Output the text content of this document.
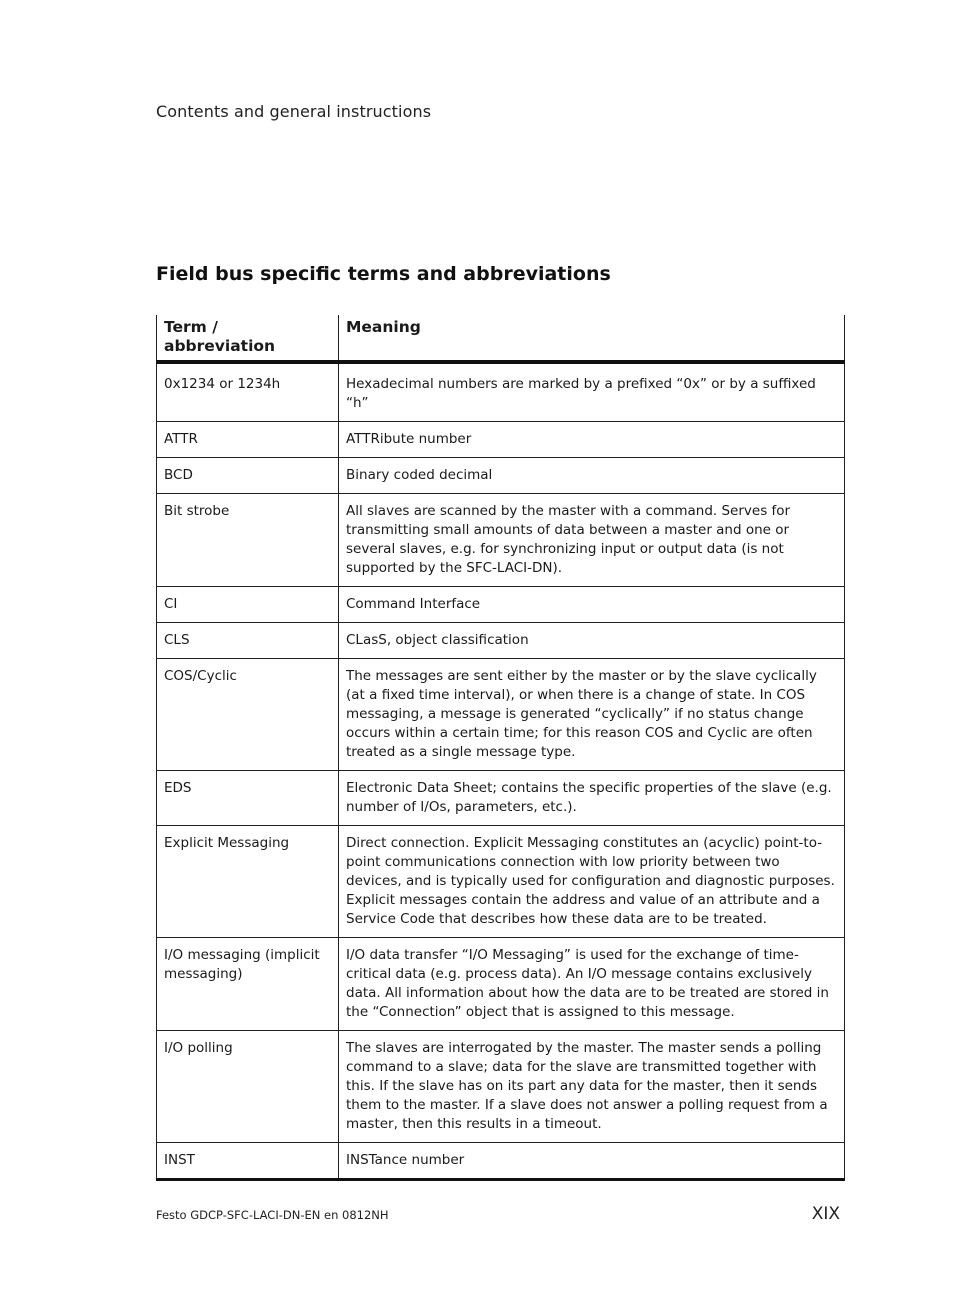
Contents and general instructions
Field bus specific terms and abbreviations
Term / abbreviation	Meaning
0x1234 or 1234h	Hexadecimal numbers are marked by a prefixed “0x” or by a suffixed “h”
ATTR	ATTRibute number
BCD	Binary coded decimal
Bit strobe	All slaves are scanned by the master with a command. Serves for transmitting small amounts of data between a master and one or several slaves, e.g. for synchronizing input or output data (is not supported by the SFC-LACI-DN).
CI	Command Interface
CLS	CLasS, object classification
COS/Cyclic	The messages are sent either by the master or by the slave cyclically (at a fixed time interval), or when there is a change of state. In COS messaging, a message is generated “cyclically” if no status change occurs within a certain time; for this reason COS and Cyclic are often treated as a single message type.
EDS	Electronic Data Sheet; contains the specific properties of the slave (e.g. number of I/Os, parameters, etc.).
Explicit Messaging	Direct connection. Explicit Messaging constitutes an (acyclic) point-to-point communications connection with low priority between two devices, and is typically used for configuration and diagnostic purposes. Explicit messages contain the address and value of an attribute and a Service Code that describes how these data are to be treated.
I/O messaging (implicit messaging)	I/O data transfer “I/O Messaging” is used for the exchange of time-critical data (e.g. process data). An I/O message contains exclusively data. All information about how the data are to be treated are stored in the “Connection” object that is assigned to this message.
I/O polling	The slaves are interrogated by the master. The master sends a polling command to a slave; data for the slave are transmitted together with this. If the slave has on its part any data for the master, then it sends them to the master. If a slave does not answer a polling request from a master, then this results in a timeout.
INST	INSTance number
Festo GDCP-SFC-LACI-DN-EN en 0812NH	XIX
